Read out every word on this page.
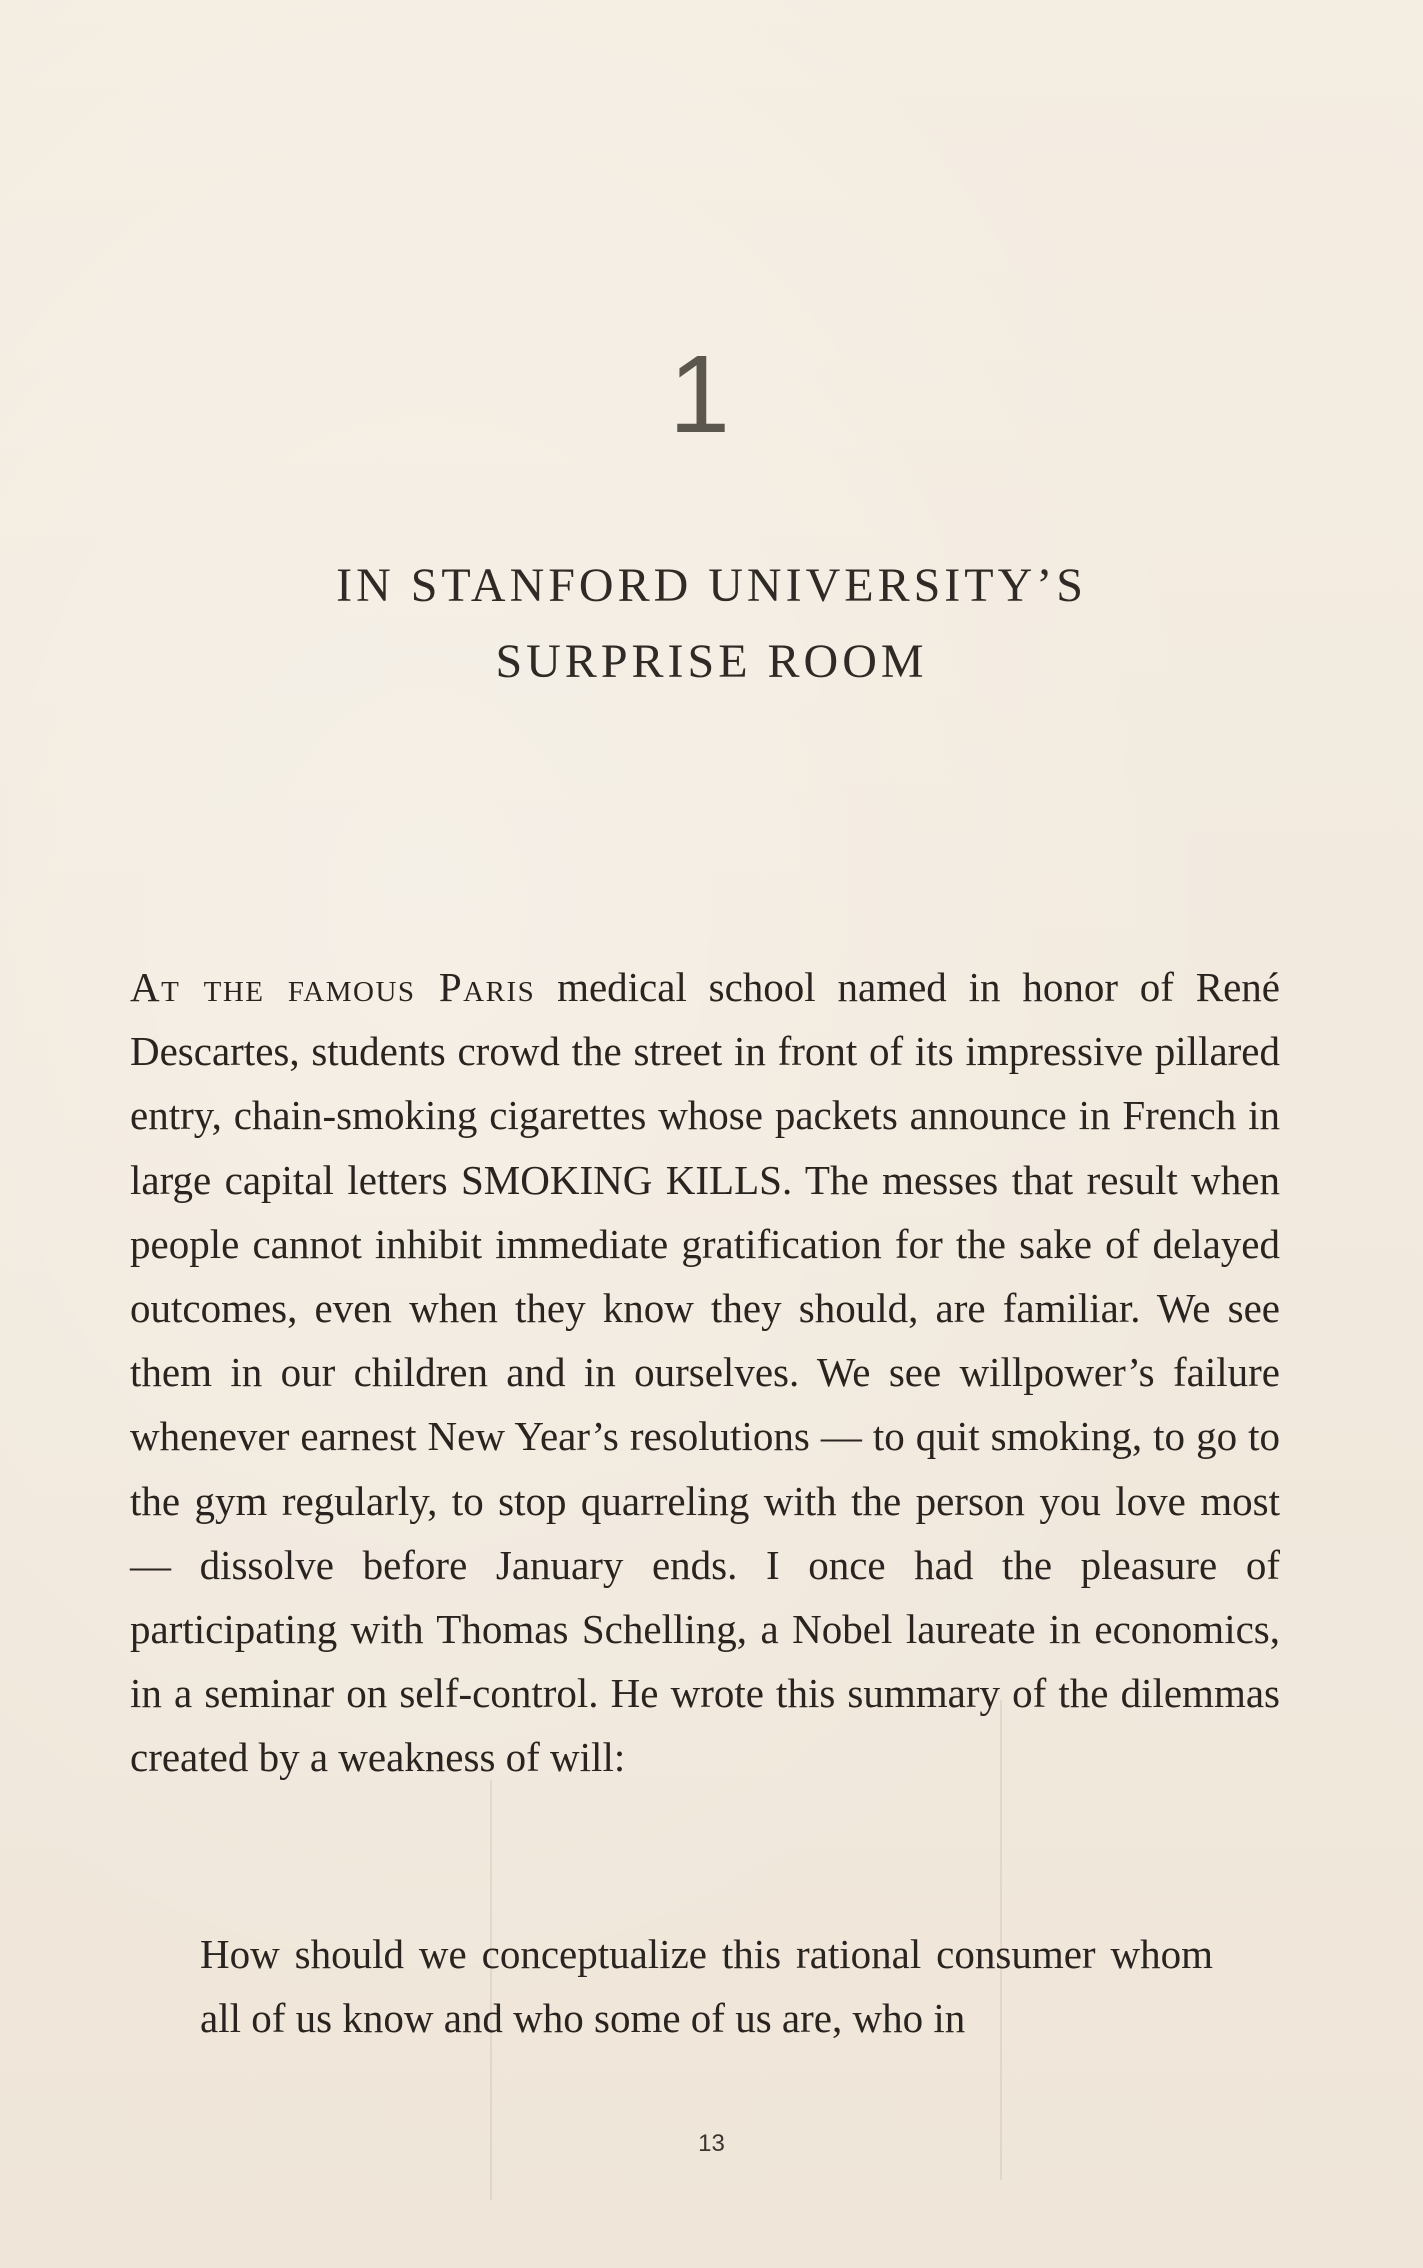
1
IN STANFORD UNIVERSITY’S
SURPRISE ROOM

At the famous Paris medical school named in honor of René Descartes, students crowd the street in front of its impressive pillared entry, chain-smoking cigarettes whose packets announce in French in large capital letters SMOKING KILLS. The messes that result when people cannot inhibit immediate gratification for the sake of delayed outcomes, even when they know they should, are familiar. We see them in our children and in ourselves. We see willpower’s failure whenever earnest New Year’s resolutions — to quit smoking, to go to the gym regularly, to stop quarreling with the person you love most — dissolve before January ends. I once had the pleasure of participating with Thomas Schelling, a Nobel laureate in economics, in a seminar on self-control. He wrote this summary of the dilemmas created by a weakness of will:

How should we conceptualize this rational consumer whom all of us know and who some of us are, who in

13
